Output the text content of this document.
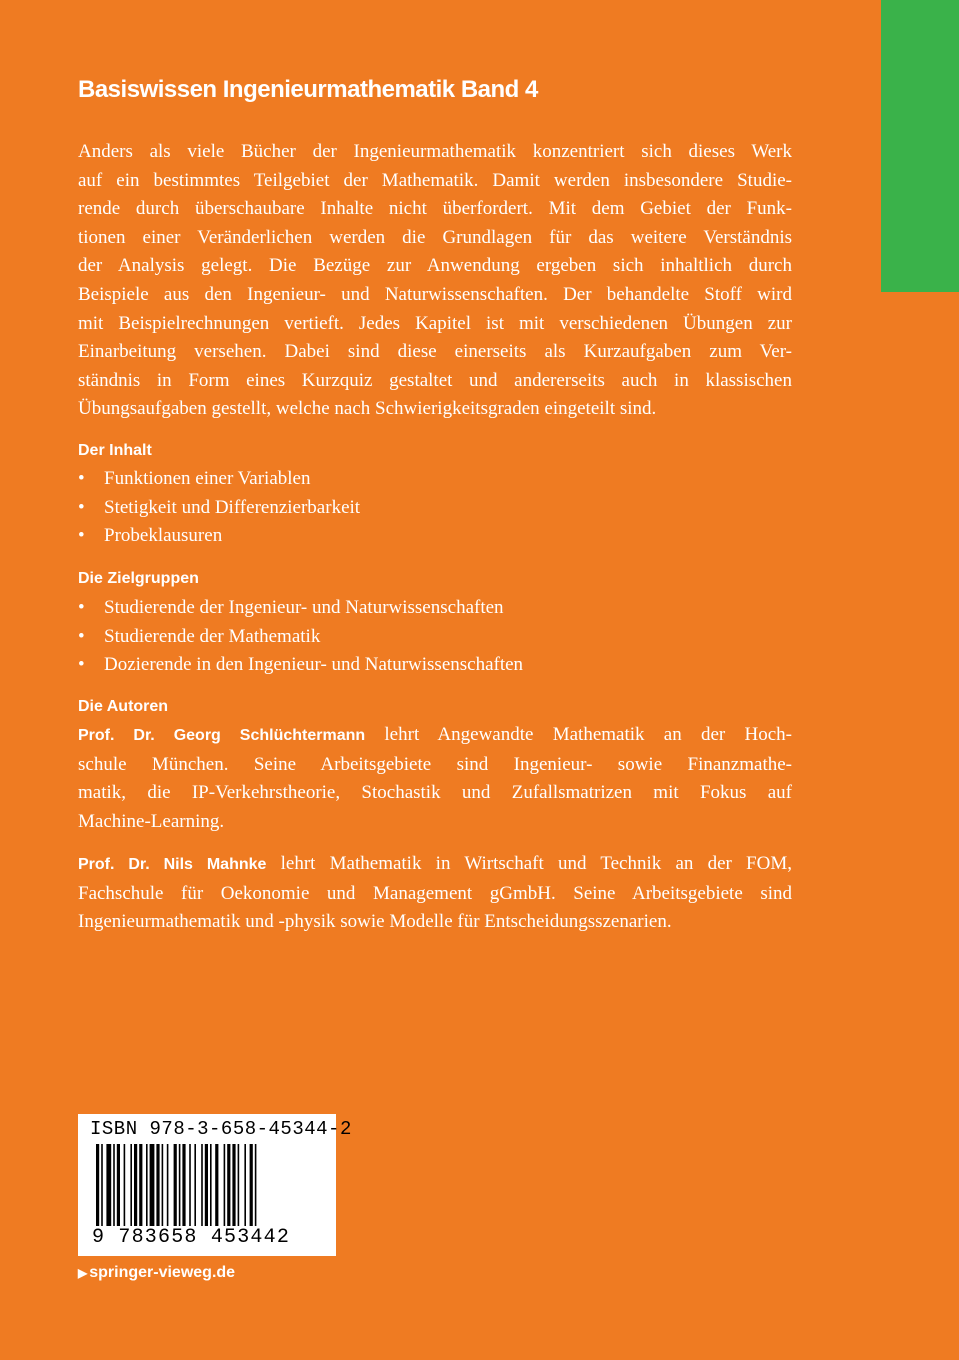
Basiswissen Ingenieurmathematik Band 4

Anders als viele Bücher der Ingenieurmathematik konzentriert sich dieses Werk
auf ein bestimmtes Teilgebiet der Mathematik. Damit werden insbesondere Studie-
rende durch überschaubare Inhalte nicht überfordert. Mit dem Gebiet der Funk-
tionen einer Veränderlichen werden die Grundlagen für das weitere Verständnis
der Analysis gelegt. Die Bezüge zur Anwendung ergeben sich inhaltlich durch
Beispiele aus den Ingenieur- und Naturwissenschaften. Der behandelte Stoff wird
mit Beispielrechnungen vertieft. Jedes Kapitel ist mit verschiedenen Übungen zur
Einarbeitung versehen. Dabei sind diese einerseits als Kurzaufgaben zum Ver-
ständnis in Form eines Kurzquiz gestaltet und andererseits auch in klassischen
Übungsaufgaben gestellt, welche nach Schwierigkeitsgraden eingeteilt sind.

Der Inhalt
• Funktionen einer Variablen
• Stetigkeit und Differenzierbarkeit
• Probeklausuren
Die Zielgruppen
• Studierende der Ingenieur- und Naturwissenschaften
• Studierende der Mathematik
• Dozierende in den Ingenieur- und Naturwissenschaften
Die Autoren

Prof. Dr. Georg Schlüchtermann lehrt Angewandte Mathematik an der Hoch-
schule München. Seine Arbeitsgebiete sind Ingenieur- sowie Finanzmathe-
matik, die IP-Verkehrstheorie, Stochastik und Zufallsmatrizen mit Fokus auf
Machine-Learning.

Prof. Dr. Nils Mahnke lehrt Mathematik in Wirtschaft und Technik an der FOM,
Fachschule für Oekonomie und Management gGmbH. Seine Arbeitsgebiete sind
Ingenieurmathematik und -physik sowie Modelle für Entscheidungsszenarien.

ISBN 978-3-658-45344-2
9 783658 453442
▶ springer-vieweg.de
